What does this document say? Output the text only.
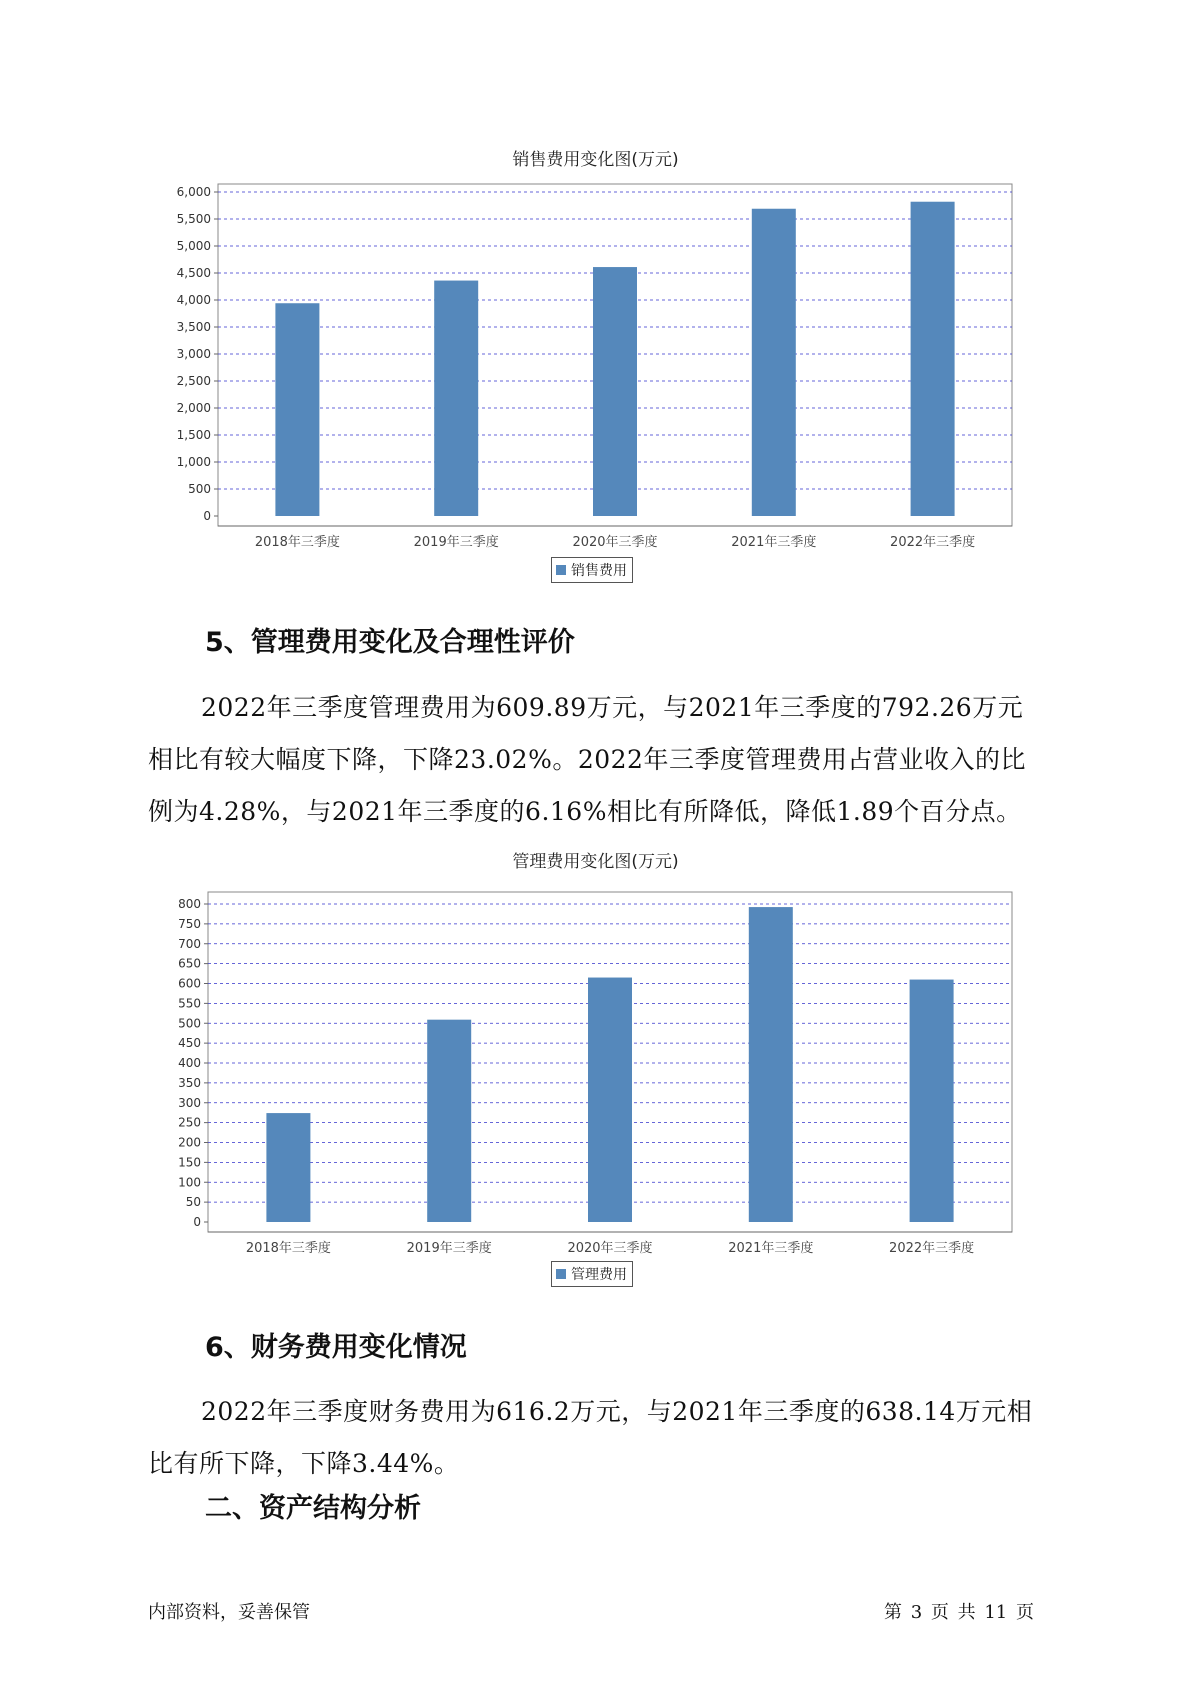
销售费用变化图(万元)
0
500
1,000
1,500
2,000
2,500
3,000
3,500
4,000
4,500
5,000
5,500
6,000
2018年三季度	2019年三季度	2020年三季度	2021年三季度	2022年三季度
销售费用
5、管理费用变化及合理性评价

2022年三季度管理费用为609.89万元，与2021年三季度的792.26万元相比有较大幅度下降，下降23.02%。2022年三季度管理费用占营业收入的比例为4.28%，与2021年三季度的6.16%相比有所降低，降低1.89个百分点。

管理费用变化图(万元)
0
50
100
150
200
250
300
350
400
450
500
550
600
650
700
750
800
2018年三季度	2019年三季度	2020年三季度	2021年三季度	2022年三季度
管理费用
6、财务费用变化情况

2022年三季度财务费用为616.2万元，与2021年三季度的638.14万元相比有所下降，下降3.44%。

二、资产结构分析
内部资料，妥善保管	第 3 页 共 11 页
